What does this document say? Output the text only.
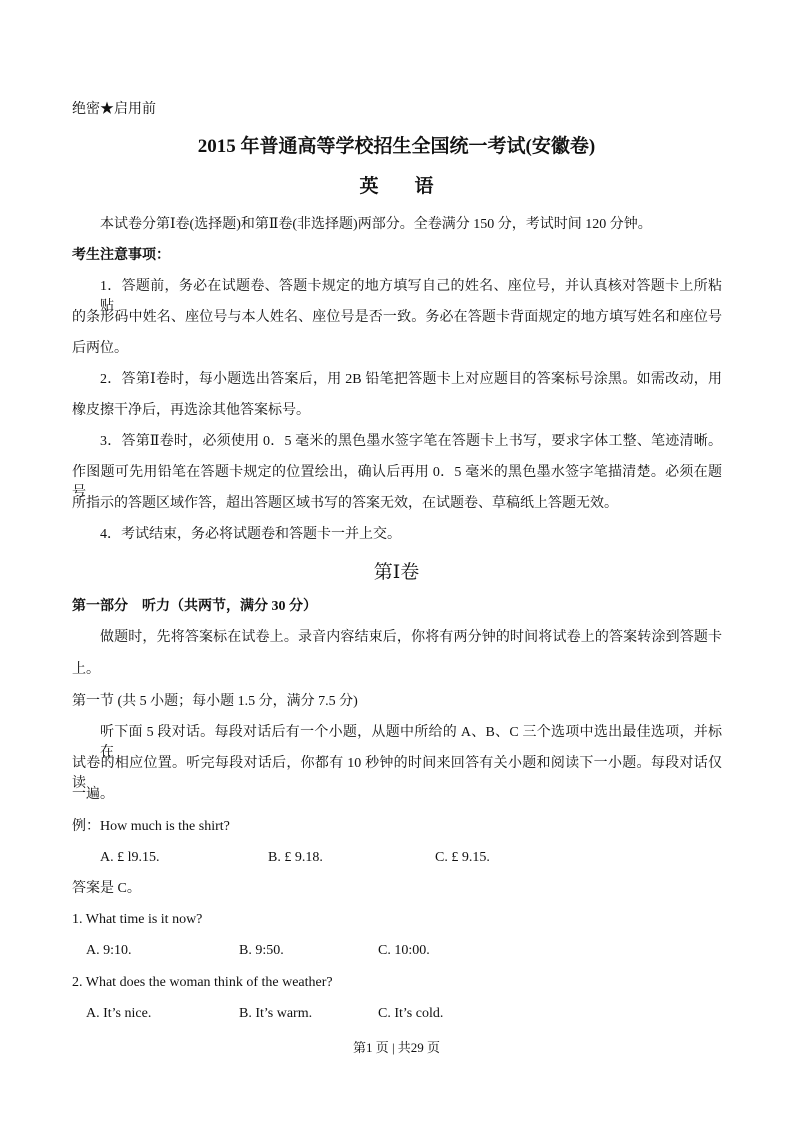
绝密★启用前
2015 年普通高等学校招生全国统一考试(安徽卷)
英 语
本试卷分第Ⅰ卷(选择题)和第Ⅱ卷(非选择题)两部分。全卷满分 150 分，考试时间 120 分钟。
考生注意事项：
1．答题前，务必在试题卷、答题卡规定的地方填写自己的姓名、座位号，并认真核对答题卡上所粘贴
的条形码中姓名、座位号与本人姓名、座位号是否一致。务必在答题卡背面规定的地方填写姓名和座位号
后两位。
2．答第Ⅰ卷时，每小题选出答案后，用 2B 铅笔把答题卡上对应题目的答案标号涂黑。如需改动，用
橡皮擦干净后，再选涂其他答案标号。
3．答第Ⅱ卷时，必须使用 0．5 毫米的黑色墨水签字笔在答题卡上书写，要求字体工整、笔迹清晰。
作图题可先用铅笔在答题卡规定的位置绘出，确认后再用 0．5 毫米的黑色墨水签字笔描清楚。必须在题号
所指示的答题区域作答，超出答题区域书写的答案无效，在试题卷、草稿纸上答题无效。
4．考试结束，务必将试题卷和答题卡一并上交。
第Ⅰ卷
第一部分　听力（共两节，满分 30 分）
做题时，先将答案标在试卷上。录音内容结束后，你将有两分钟的时间将试卷上的答案转涂到答题卡
上。
第一节 (共 5 小题；每小题 1.5 分，满分 7.5 分)
听下面 5 段对话。每段对话后有一个小题，从题中所给的 A、B、C 三个选项中选出最佳选项，并标在
试卷的相应位置。听完每段对话后，你都有 10 秒钟的时间来回答有关小题和阅读下一小题。每段对话仅读
一遍。
例：How much is the shirt?
A. £ l9.15.	B. £ 9.18.	C. £ 9.15.
答案是 C。
1. What time is it now?
A. 9:10.	B. 9:50.	C. 10:00.
2. What does the woman think of the weather?
A. It’s nice.	B. It’s warm.	C. It’s cold.
第1 页 | 共29 页
